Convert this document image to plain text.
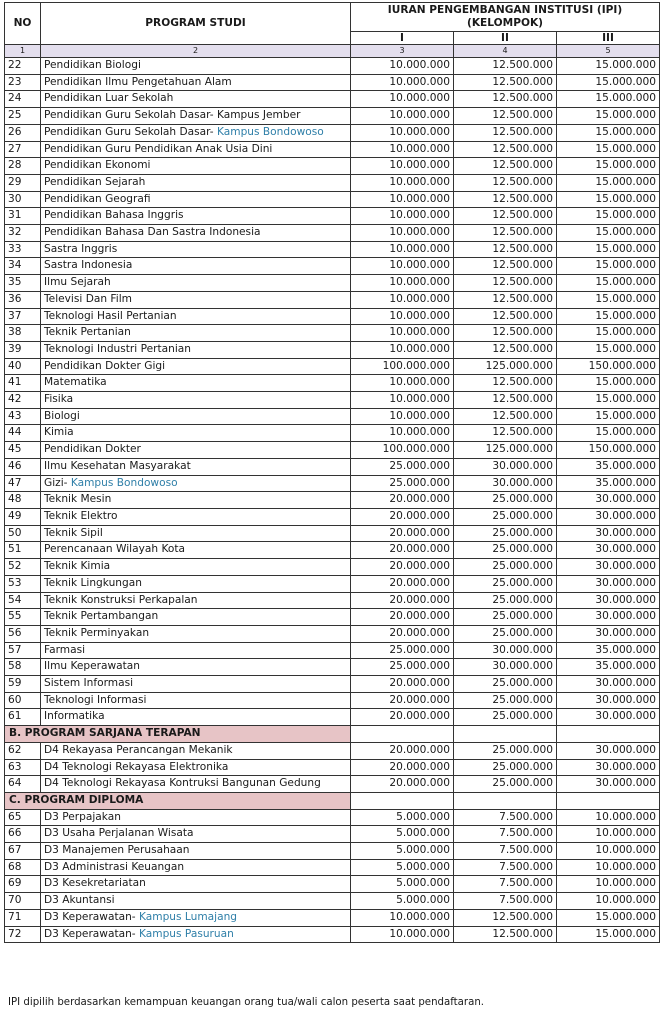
NO	PROGRAM STUDI	IURAN PENGEMBANGAN INSTITUSI (IPI)
(KELOMPOK)		
		I	II	III
1	2	3	4	5
22	Pendidikan Biologi	10.000.000	12.500.000	15.000.000
23	Pendidikan Ilmu Pengetahuan Alam	10.000.000	12.500.000	15.000.000
24	Pendidikan Luar Sekolah	10.000.000	12.500.000	15.000.000
25	Pendidikan Guru Sekolah Dasar- Kampus Jember	10.000.000	12.500.000	15.000.000
26	Pendidikan Guru Sekolah Dasar- Kampus Bondowoso	10.000.000	12.500.000	15.000.000
27	Pendidikan Guru Pendidikan Anak Usia Dini	10.000.000	12.500.000	15.000.000
28	Pendidikan Ekonomi	10.000.000	12.500.000	15.000.000
29	Pendidikan Sejarah	10.000.000	12.500.000	15.000.000
30	Pendidikan Geografi	10.000.000	12.500.000	15.000.000
31	Pendidikan Bahasa Inggris	10.000.000	12.500.000	15.000.000
32	Pendidikan Bahasa Dan Sastra Indonesia	10.000.000	12.500.000	15.000.000
33	Sastra Inggris	10.000.000	12.500.000	15.000.000
34	Sastra Indonesia	10.000.000	12.500.000	15.000.000
35	Ilmu Sejarah	10.000.000	12.500.000	15.000.000
36	Televisi Dan Film	10.000.000	12.500.000	15.000.000
37	Teknologi Hasil Pertanian	10.000.000	12.500.000	15.000.000
38	Teknik Pertanian	10.000.000	12.500.000	15.000.000
39	Teknologi Industri Pertanian	10.000.000	12.500.000	15.000.000
40	Pendidikan Dokter Gigi	100.000.000	125.000.000	150.000.000
41	Matematika	10.000.000	12.500.000	15.000.000
42	Fisika	10.000.000	12.500.000	15.000.000
43	Biologi	10.000.000	12.500.000	15.000.000
44	Kimia	10.000.000	12.500.000	15.000.000
45	Pendidikan Dokter	100.000.000	125.000.000	150.000.000
46	Ilmu Kesehatan Masyarakat	25.000.000	30.000.000	35.000.000
47	Gizi- Kampus Bondowoso	25.000.000	30.000.000	35.000.000
48	Teknik Mesin	20.000.000	25.000.000	30.000.000
49	Teknik Elektro	20.000.000	25.000.000	30.000.000
50	Teknik Sipil	20.000.000	25.000.000	30.000.000
51	Perencanaan Wilayah Kota	20.000.000	25.000.000	30.000.000
52	Teknik Kimia	20.000.000	25.000.000	30.000.000
53	Teknik Lingkungan	20.000.000	25.000.000	30.000.000
54	Teknik Konstruksi Perkapalan	20.000.000	25.000.000	30.000.000
55	Teknik Pertambangan	20.000.000	25.000.000	30.000.000
56	Teknik Perminyakan	20.000.000	25.000.000	30.000.000
57	Farmasi	25.000.000	30.000.000	35.000.000
58	Ilmu Keperawatan	25.000.000	30.000.000	35.000.000
59	Sistem Informasi	20.000.000	25.000.000	30.000.000
60	Teknologi Informasi	20.000.000	25.000.000	30.000.000
61	Informatika	20.000.000	25.000.000	30.000.000
B. PROGRAM SARJANA TERAPAN				
62	D4 Rekayasa Perancangan Mekanik	20.000.000	25.000.000	30.000.000
63	D4 Teknologi Rekayasa Elektronika	20.000.000	25.000.000	30.000.000
64	D4 Teknologi Rekayasa Kontruksi Bangunan Gedung	20.000.000	25.000.000	30.000.000
C. PROGRAM DIPLOMA				
65	D3 Perpajakan	5.000.000	7.500.000	10.000.000
66	D3 Usaha Perjalanan Wisata	5.000.000	7.500.000	10.000.000
67	D3 Manajemen Perusahaan	5.000.000	7.500.000	10.000.000
68	D3 Administrasi Keuangan	5.000.000	7.500.000	10.000.000
69	D3 Kesekretariatan	5.000.000	7.500.000	10.000.000
70	D3 Akuntansi	5.000.000	7.500.000	10.000.000
71	D3 Keperawatan- Kampus Lumajang	10.000.000	12.500.000	15.000.000
72	D3 Keperawatan- Kampus Pasuruan	10.000.000	12.500.000	15.000.000
IPI dipilih berdasarkan kemampuan keuangan orang tua/wali calon peserta saat pendaftaran.
